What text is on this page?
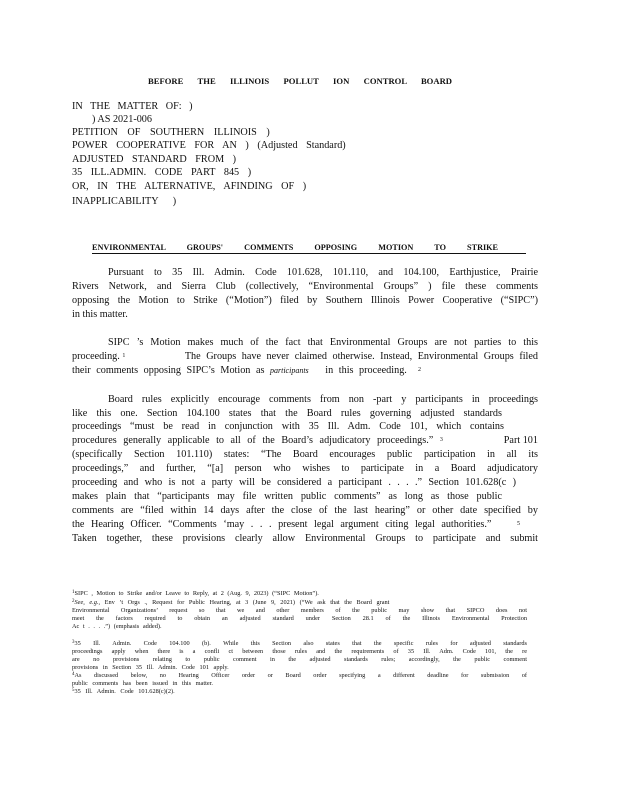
BEFORE THE ILLINOIS POLLUT ION CONTROL BOARD
IN THE MATTER OF: )
) AS 2021-006
PETITION OF SOUTHERN ILLINOIS )
POWER COOPERATIVE FOR AN ) (Adjusted Standard)
ADJUSTED STANDARD FROM )
35 ILL.ADMIN. CODE PART 845 )
OR, IN THE ALTERNATIVE, AFINDING OF )
INAPPLICABILITY )
ENVIRONMENTAL GROUPS' COMMENTS OPPOSING MOTION TO STRIKE
Pursuant to 35 Ill. Admin. Code 101.628, 101.110, and 104.100, Earthjustice, Prairie
Rivers Network, and Sierra Club (collectively, “Environmental Groups” ) file these comments
opposing the Motion to Strike (“Motion”) filed by Southern Illinois Power Cooperative (“SIPC”)
in this matter.
SIPC ’s Motion makes much of the fact that Environmental Groups are not parties to this
proceeding. $^1$	The Groups have never claimed otherwise. Instead, Environmental Groups filed
their comments opposing SIPC’s Motion as participants in this proceeding. $^2$
Board rules explicitly encourage comments from non -part y participants in proceedings
like this one. Section 104.100 states that the Board rules governing adjusted standards
proceedings “must be read in conjunction with 35 Ill. Adm. Code 101, which contains
procedures generally applicable to all of the Board’s adjudicatory proceedings.” $^3$	Part 101
(specifically Section 101.110) states: “The Board encourages public participation in all its
proceedings,” and further, “[a] person who wishes to participate in a Board adjudicatory
proceeding and who is not a party will be considered a participant . . . .” Section 101.628(c )
makes plain that “participants may file written public comments” as long as those public
comments are “filed within 14 days after the close of the last hearing” or other date specified by
the Hearing Officer. “Comments ‘may . . . present legal argument citing legal authorities.”	$^5$
Taken together, these provisions clearly allow Environmental Groups to participate and submit
$^1$SIPC , Motion to Strike and/or Leave to Reply, at 2 (Aug. 9, 2023) (“SIPC Motion”).
$^2$See, e.g., Env ’t Orgs ., Request for Public Hearing, at 3 (June 9, 2021) (“We ask that the Board grant
Environmental Organizations’ request so that we and other members of the public may show that SIPCO does not
meet the factors required to obtain an adjusted standard under Section 28.1 of the Illinois Environmental Protection
Ac t . . . .”) (emphasis added).
$^3$35 Ill. Admin. Code 104.100 (b). While this Section also states that the specific rules for adjusted standards
proceedings apply when there is a confli ct between those rules and the requirements of 35 Ill. Adm. Code 101, the re
are no provisions relating to public comment in the adjusted standards rules; accordingly, the public comment
provisions in Section 35 Ill. Admin. Code 101 apply.
$^4$As discussed below, no Hearing Officer order or Board order specifying a different deadline for submission of
public comments has been issued in this matter.
$^5$35 Ill. Admin. Code 101.628(c)(2).
